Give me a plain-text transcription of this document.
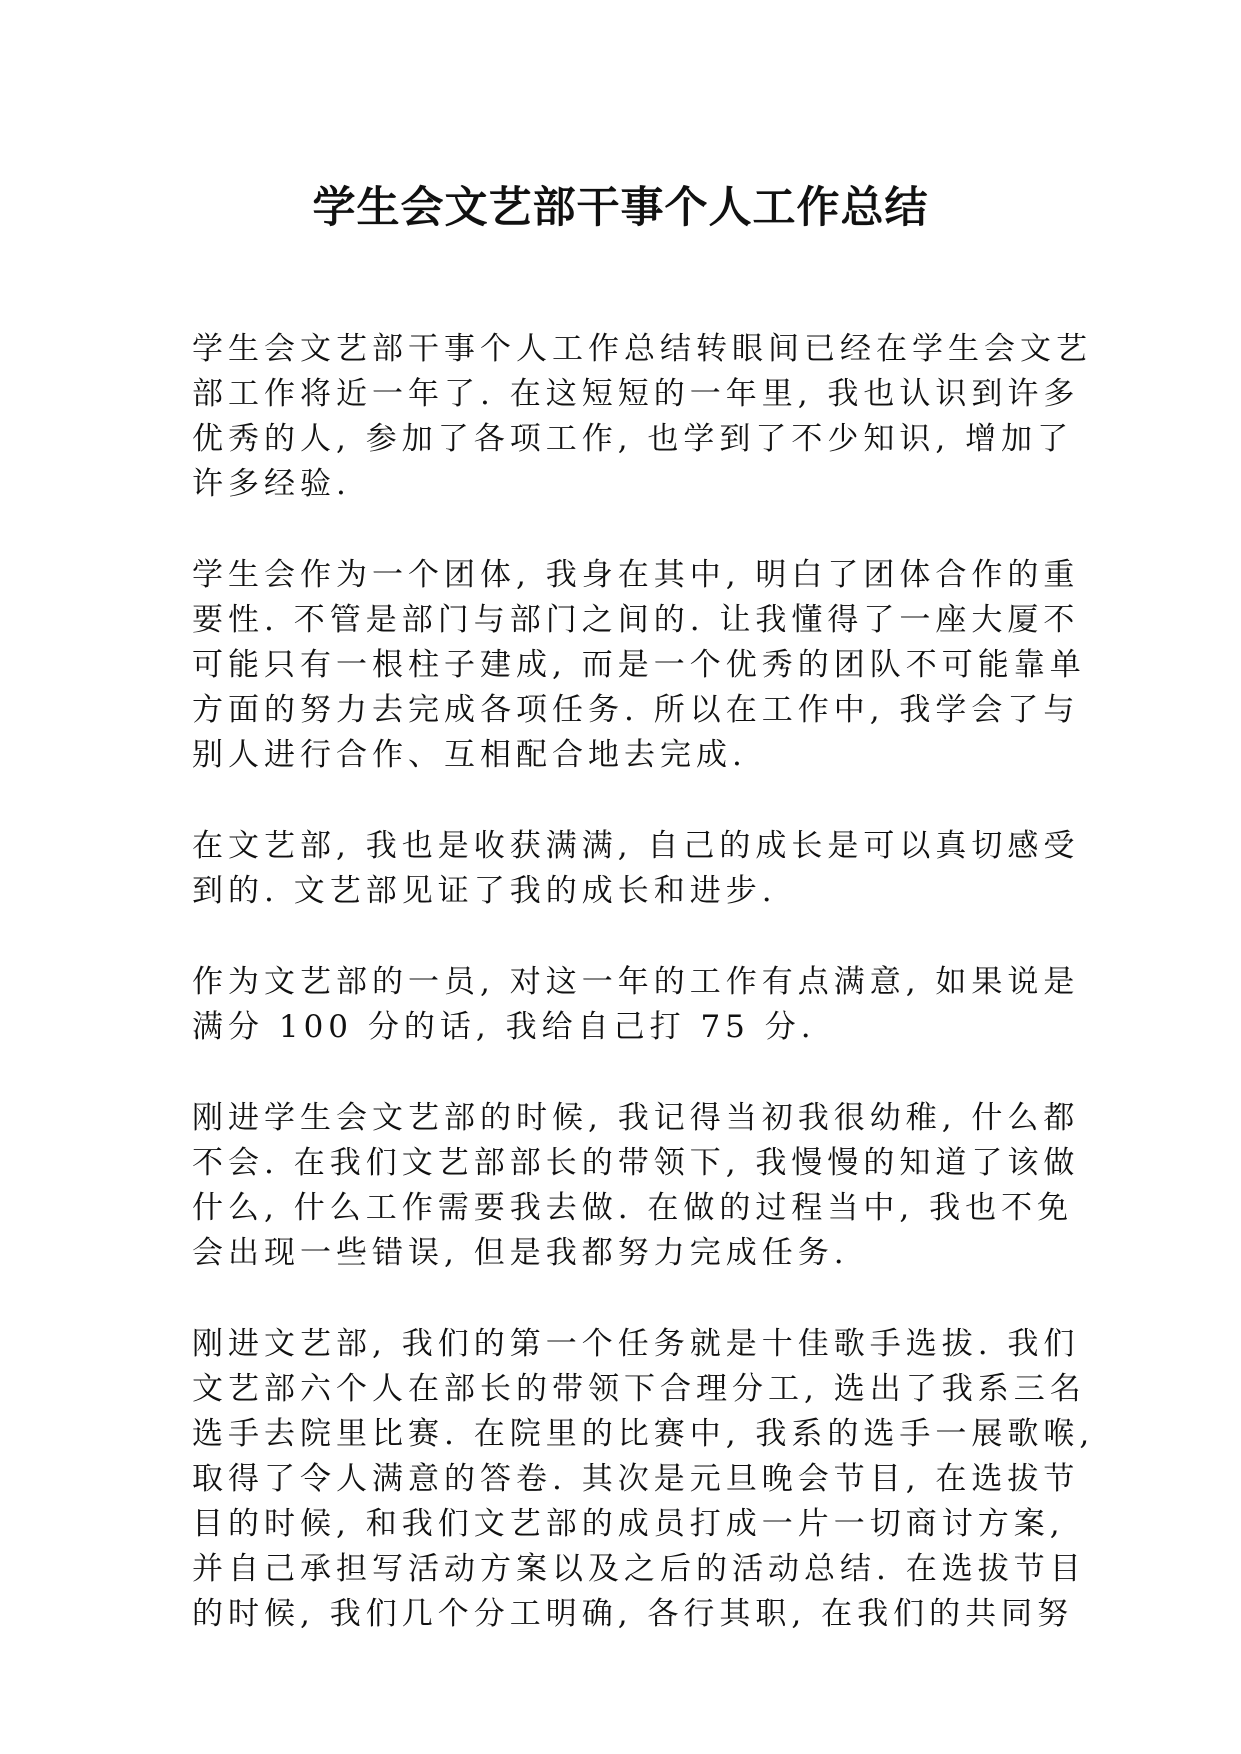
学生会文艺部干事个人工作总结

学生会文艺部干事个人工作总结转眼间已经在学生会文艺
部工作将近一年了. 在这短短的一年里, 我也认识到许多
优秀的人, 参加了各项工作, 也学到了不少知识, 增加了
许多经验.

学生会作为一个团体, 我身在其中, 明白了团体合作的重
要性. 不管是部门与部门之间的. 让我懂得了一座大厦不
可能只有一根柱子建成, 而是一个优秀的团队不可能靠单
方面的努力去完成各项任务. 所以在工作中, 我学会了与
别人进行合作、互相配合地去完成.

在文艺部, 我也是收获满满, 自己的成长是可以真切感受
到的. 文艺部见证了我的成长和进步.

作为文艺部的一员, 对这一年的工作有点满意, 如果说是
满分 100 分的话, 我给自己打 75 分.

刚进学生会文艺部的时候, 我记得当初我很幼稚, 什么都
不会. 在我们文艺部部长的带领下, 我慢慢的知道了该做
什么, 什么工作需要我去做. 在做的过程当中, 我也不免
会出现一些错误, 但是我都努力完成任务.

刚进文艺部, 我们的第一个任务就是十佳歌手选拔. 我们
文艺部六个人在部长的带领下合理分工, 选出了我系三名
选手去院里比赛. 在院里的比赛中, 我系的选手一展歌喉,
取得了令人满意的答卷. 其次是元旦晚会节目, 在选拔节
目的时候, 和我们文艺部的成员打成一片一切商讨方案,
并自己承担写活动方案以及之后的活动总结. 在选拔节目
的时候, 我们几个分工明确, 各行其职, 在我们的共同努
